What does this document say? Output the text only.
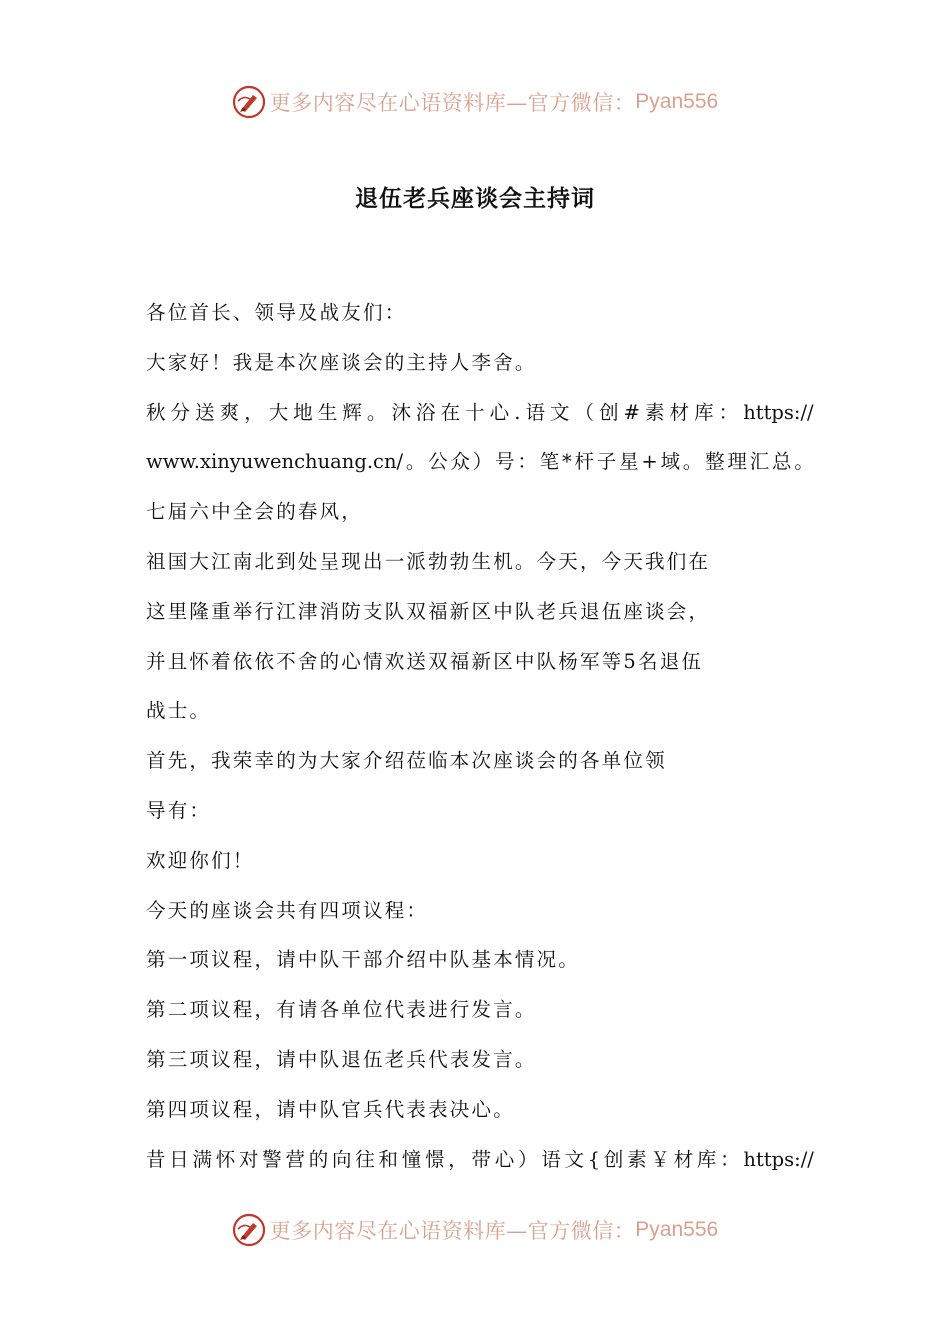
更多内容尽在心语资料库—官方微信： Pyan556
退伍老兵座谈会主持词
各位首长、领导及战友们：
大家好！我是本次座谈会的主持人李舍。
秋 分 送 爽 ， 大 地 生 辉 。 沐 浴 在 十 心 . 语 文 （ 创 # 素 材 库 ： https://
www.xinyuwenchuang.cn/ 。 公 众 ） 号 ： 笔 * 杆 子 星 + 域 。 整 理 汇 总 。
七届六中全会的春风，
祖国大江南北到处呈现出一派勃勃生机。今天，今天我们在
这里隆重举行江津消防支队双福新区中队老兵退伍座谈会，
并且怀着依依不舍的心情欢送双福新区中队杨军等5名退伍
战士。
首先，我荣幸的为大家介绍莅临本次座谈会的各单位领
导有：
欢迎你们！
今天的座谈会共有四项议程：
第一项议程，请中队干部介绍中队基本情况。
第二项议程，有请各单位代表进行发言。
第三项议程，请中队退伍老兵代表发言。
第四项议程，请中队官兵代表表决心。
昔 日 满 怀 对 警 营 的 向 往 和 憧 憬 ， 带 心 ） 语 文 { 创 素 ￥ 材 库 ： https://
更多内容尽在心语资料库—官方微信： Pyan556
